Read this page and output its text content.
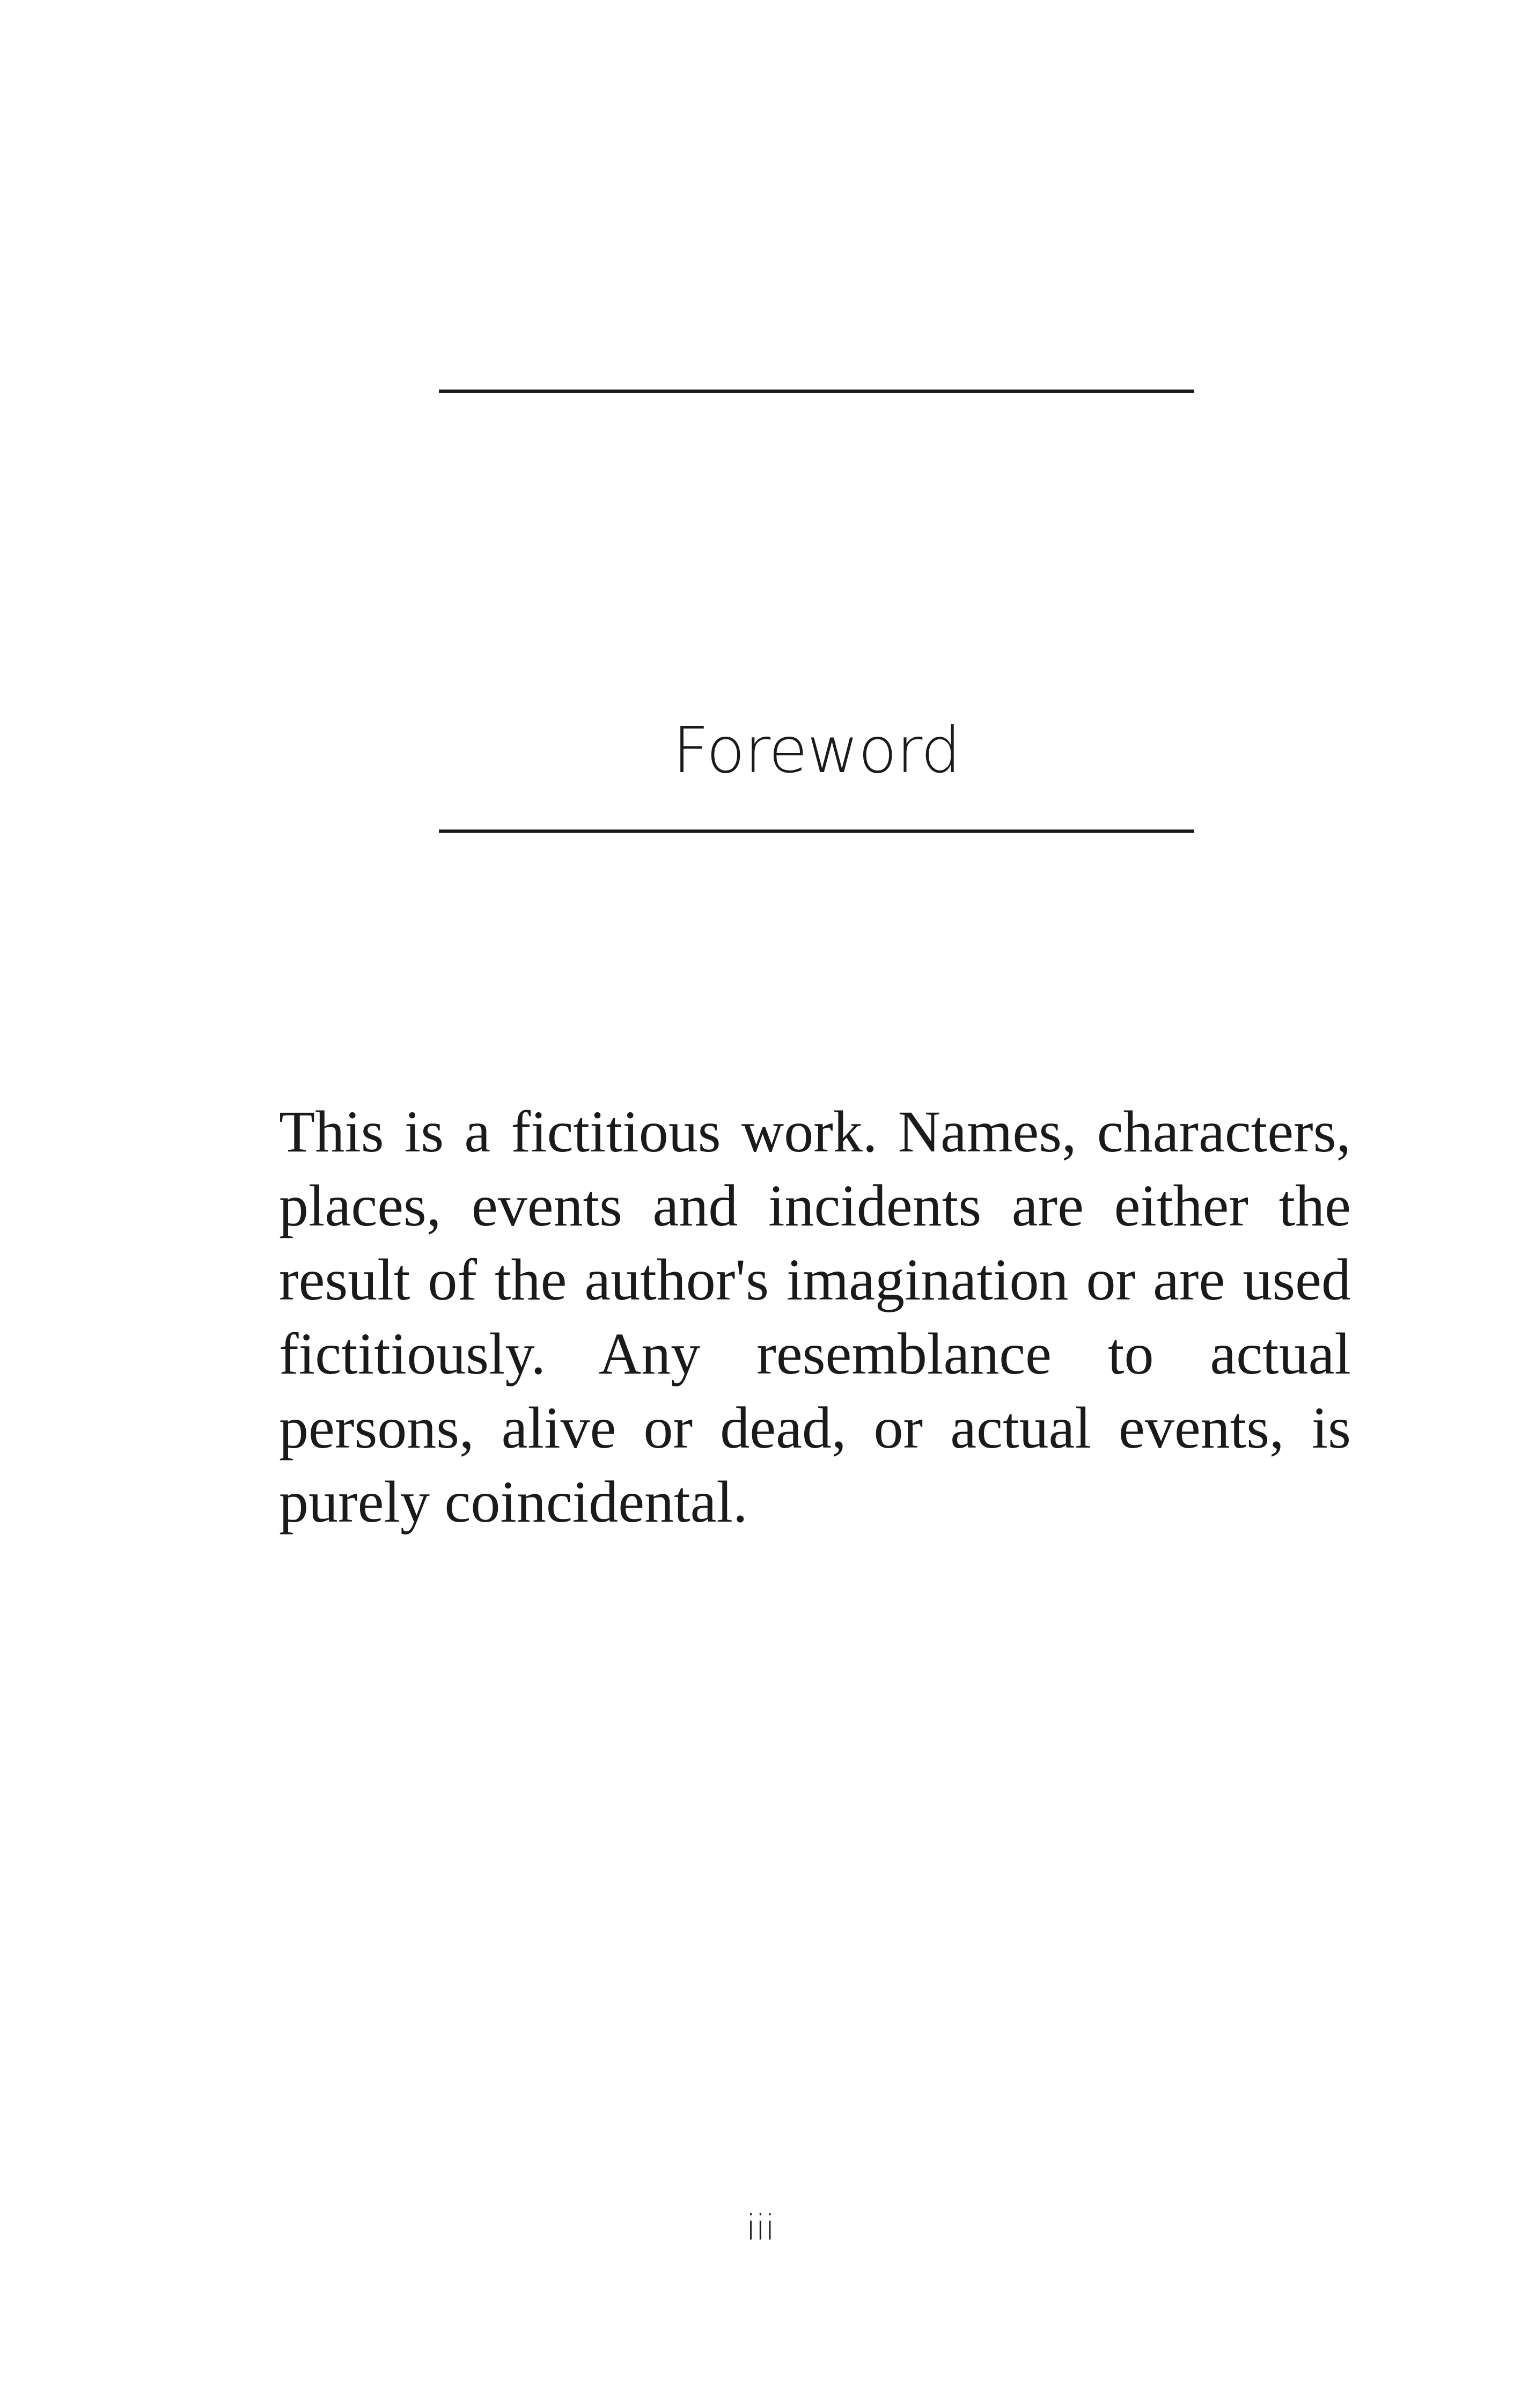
Foreword

This is a fictitious work. Names, characters, places, events and incidents are either the result of the author's imagination or are used fictitiously. Any resemblance to actual persons, alive or dead, or actual events, is purely coincidental.

iii
